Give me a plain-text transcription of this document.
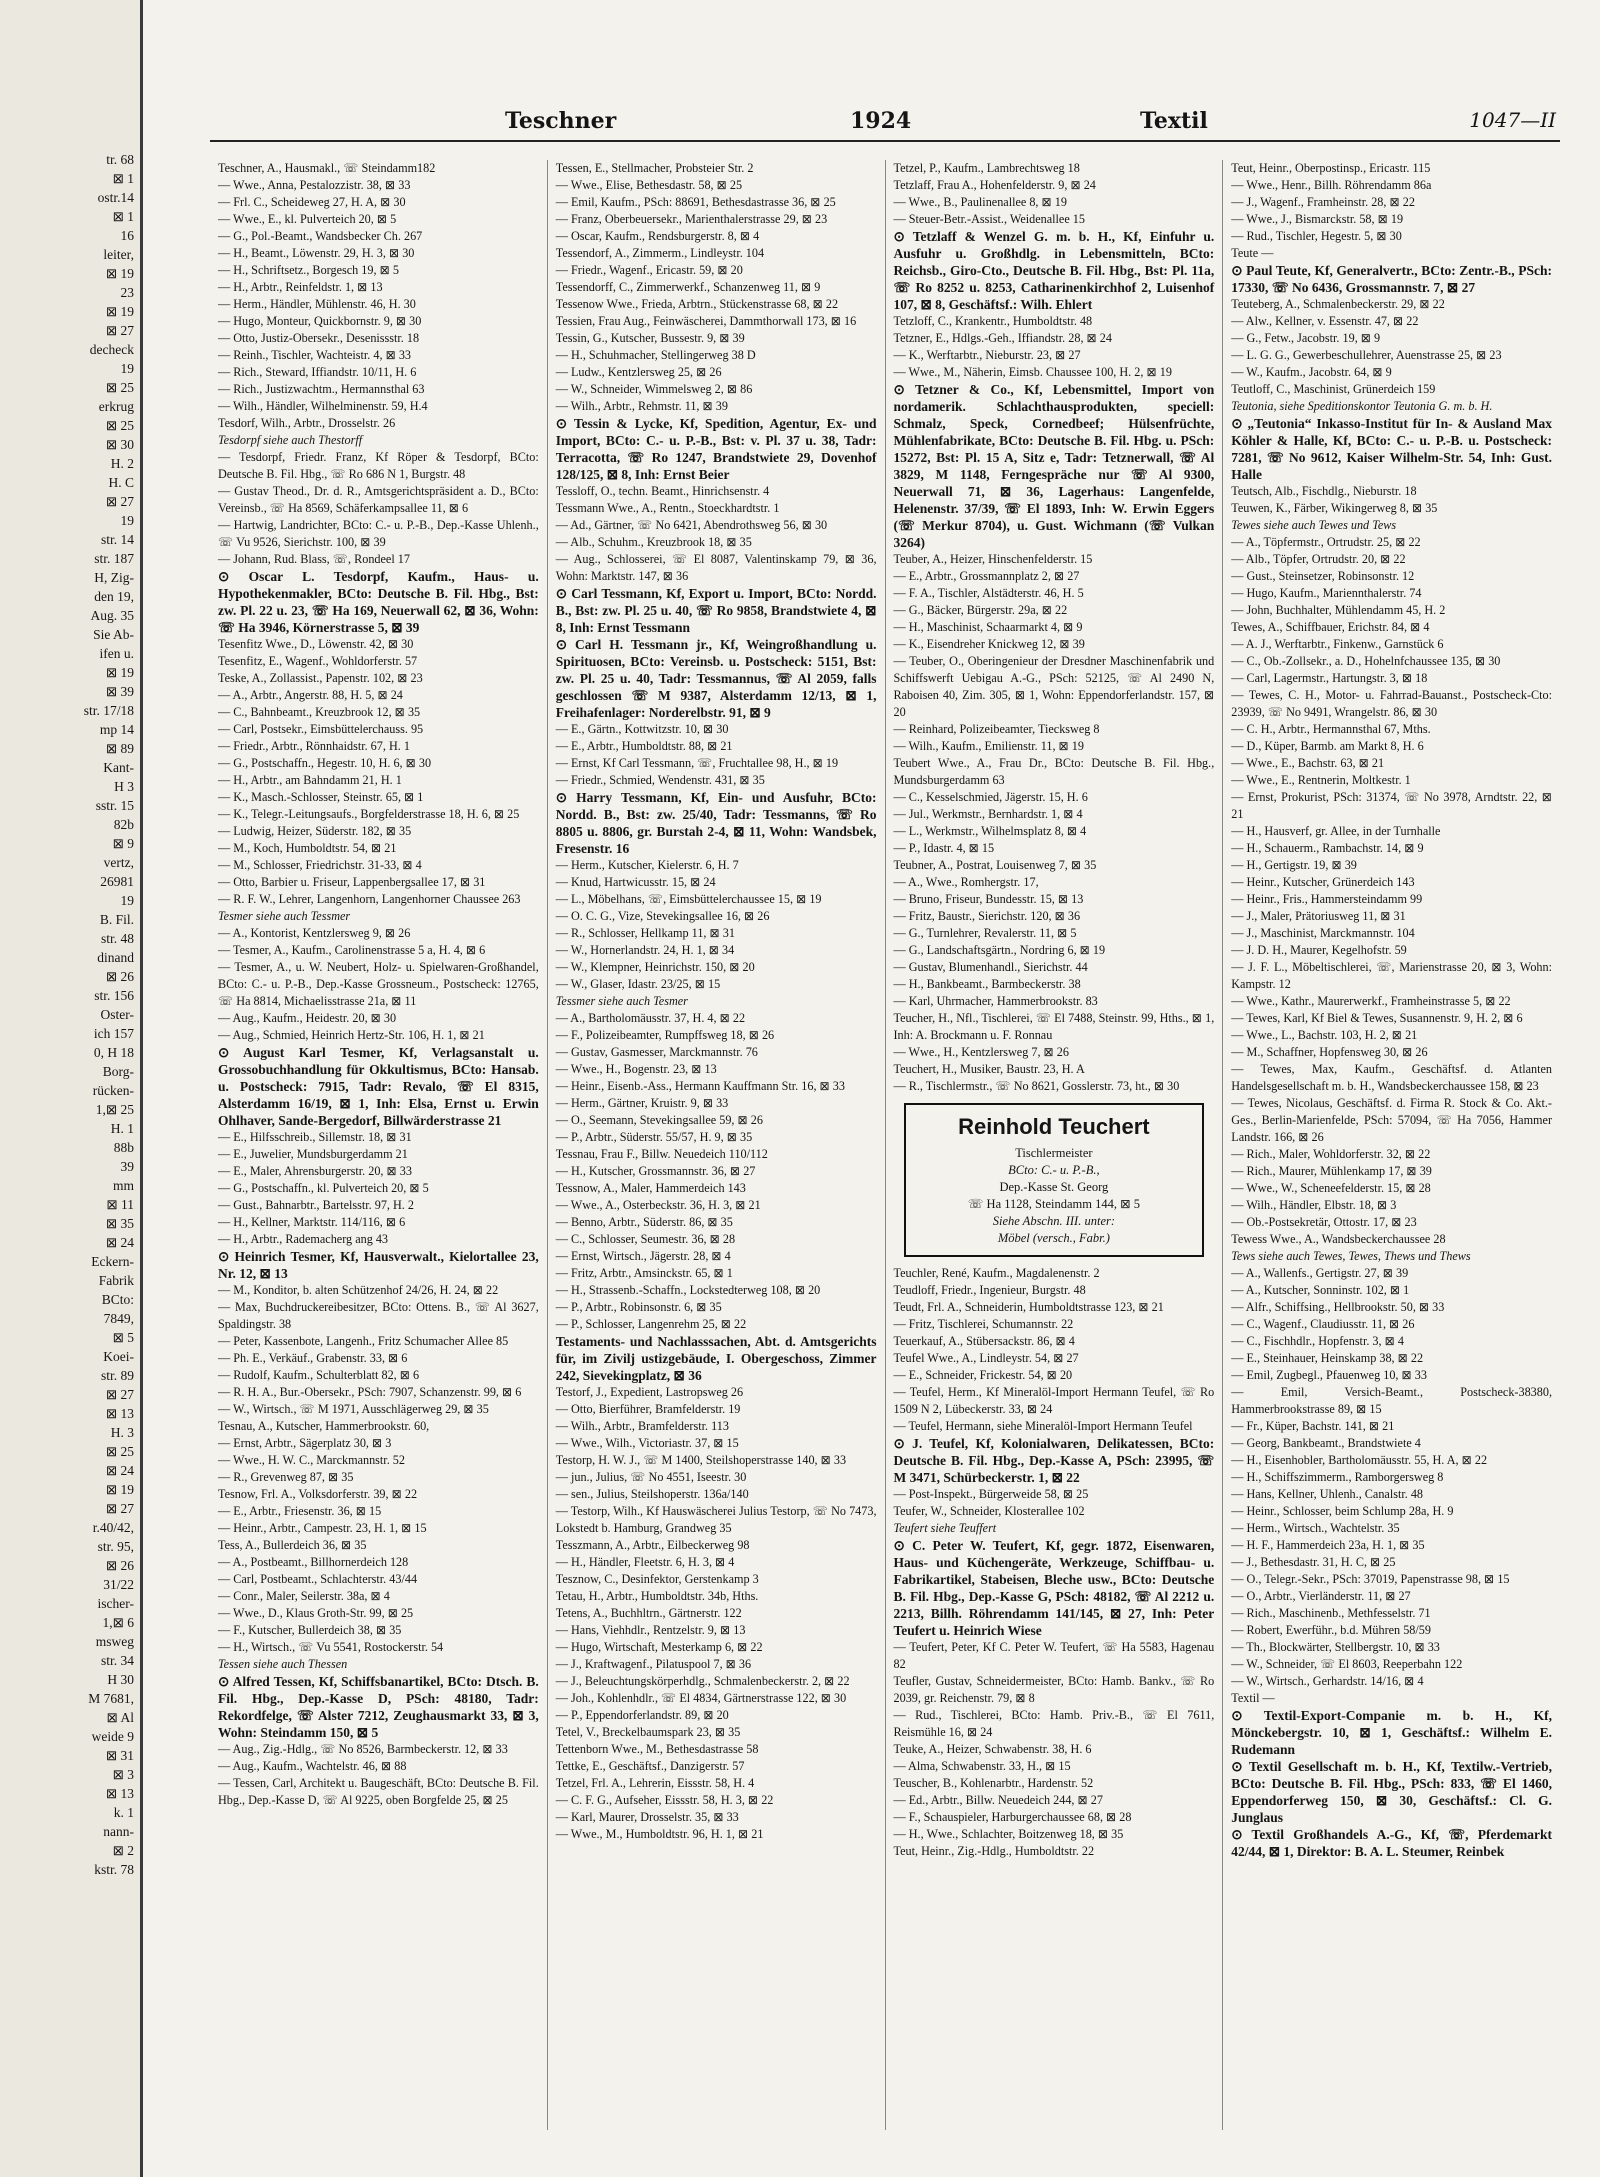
tr. 68
⊠ 1
ostr.14
⊠ 1
16
leiter,
⊠ 19
23
⊠ 19
⊠ 27
decheck
19
⊠ 25
erkrug
⊠ 25
⊠ 30
H. 2
H. C
⊠ 27
19
str. 14
str. 187
H, Zig-
den 19,
Aug. 35
Sie Ab-
ifen u.
⊠ 19
⊠ 39
str. 17/18
mp 14
⊠ 89
Kant-
H 3
sstr. 15
82b
⊠ 9
vertz,
26981
19
B. Fil.
str. 48
dinand
⊠ 26
str. 156
Oster-
ich 157
0, H 18
Borg-
rücken-
1,⊠ 25
H. 1
88b
39
mm
⊠ 11
⊠ 35
⊠ 24
Eckern-
Fabrik
BCto:
7849,
⊠ 5
Koei-
str. 89
⊠ 27
⊠ 13
H. 3
⊠ 25
⊠ 24
⊠ 19
⊠ 27
r.40/42,
str. 95,
⊠ 26
31/22
ischer-
1,⊠ 6
msweg
str. 34
H 30
M 7681,
⊠ Al
weide 9
⊠ 31
⊠ 3
⊠ 13
k. 1
nann-
⊠ 2
kstr. 78
Teschner	1924	Textil	1047—II

Teschner, A., Hausmakl., ☏ Steindamm182

— Wwe., Anna, Pestalozzistr. 38, ⊠ 33

— Frl. C., Scheideweg 27, H. A, ⊠ 30

— Wwe., E., kl. Pulverteich 20, ⊠ 5

— G., Pol.-Beamt., Wandsbecker Ch. 267

— H., Beamt., Löwenstr. 29, H. 3, ⊠ 30

— H., Schriftsetz., Borgesch 19, ⊠ 5

— H., Arbtr., Reinfeldstr. 1, ⊠ 13

— Herm., Händler, Mühlenstr. 46, H. 30

— Hugo, Monteur, Quickbornstr. 9, ⊠ 30

— Otto, Justiz-Obersekr., Desenissstr. 18

— Reinh., Tischler, Wachteistr. 4, ⊠ 33

— Rich., Steward, Iffiandstr. 10/11, H. 6

— Rich., Justizwachtm., Hermannsthal 63

— Wilh., Händler, Wilhelminenstr. 59, H.4

Tesdorf, Wilh., Arbtr., Drosselstr. 26

Tesdorpf siehe auch Thestorff

— Tesdorpf, Friedr. Franz, Kf Röper & Tesdorpf, BCto: Deutsche B. Fil. Hbg., ☏ Ro 686 N 1, Burgstr. 48

— Gustav Theod., Dr. d. R., Amtsgerichtspräsident a. D., BCto: Vereinsb., ☏ Ha 8569, Schäferkampsallee 11, ⊠ 6

— Hartwig, Landrichter, BCto: C.- u. P.-B., Dep.-Kasse Uhlenh., ☏ Vu 9526, Sierichstr. 100, ⊠ 39

— Johann, Rud. Blass, ☏, Rondeel 17

⊙ Oscar L. Tesdorpf, Kaufm., Haus- u. Hypothekenmakler, BCto: Deutsche B. Fil. Hbg., Bst: zw. Pl. 22 u. 23, ☏ Ha 169, Neuerwall 62, ⊠ 36, Wohn: ☏ Ha 3946, Körnerstrasse 5, ⊠ 39

Tesenfitz Wwe., D., Löwenstr. 42, ⊠ 30

Tesenfitz, E., Wagenf., Wohldorferstr. 57

Teske, A., Zollassist., Papenstr. 102, ⊠ 23

— A., Arbtr., Angerstr. 88, H. 5, ⊠ 24

— C., Bahnbeamt., Kreuzbrook 12, ⊠ 35

— Carl, Postsekr., Eimsbüttelerchauss. 95

— Friedr., Arbtr., Rönnhaidstr. 67, H. 1

— G., Postschaffn., Hegestr. 10, H. 6, ⊠ 30

— H., Arbtr., am Bahndamm 21, H. 1

— K., Masch.-Schlosser, Steinstr. 65, ⊠ 1

— K., Telegr.-Leitungsaufs., Borgfelderstrasse 18, H. 6, ⊠ 25

— Ludwig, Heizer, Süderstr. 182, ⊠ 35

— M., Koch, Humboldtstr. 54, ⊠ 21

— M., Schlosser, Friedrichstr. 31-33, ⊠ 4

— Otto, Barbier u. Friseur, Lappenbergsallee 17, ⊠ 31

— R. F. W., Lehrer, Langenhorn, Langenhorner Chaussee 263

Tesmer siehe auch Tessmer

— A., Kontorist, Kentzlersweg 9, ⊠ 26

— Tesmer, A., Kaufm., Carolinenstrasse 5 a, H. 4, ⊠ 6

— Tesmer, A., u. W. Neubert, Holz- u. Spielwaren-Großhandel, BCto: C.- u. P.-B., Dep.-Kasse Grossneum., Postscheck: 12765, ☏ Ha 8814, Michaelisstrasse 21a, ⊠ 11

— Aug., Kaufm., Heidestr. 20, ⊠ 30

— Aug., Schmied, Heinrich Hertz-Str. 106, H. 1, ⊠ 21

⊙ August Karl Tesmer, Kf, Verlagsanstalt u. Grossobuchhandlung für Okkultismus, BCto: Hansab. u. Postscheck: 7915, Tadr: Revalo, ☏ El 8315, Alsterdamm 16/19, ⊠ 1, Inh: Elsa, Ernst u. Erwin Ohlhaver, Sande-Bergedorf, Billwärderstrasse 21

— E., Hilfsschreib., Sillemstr. 18, ⊠ 31

— E., Juwelier, Mundsburgerdamm 21

— E., Maler, Ahrensburgerstr. 20, ⊠ 33

— G., Postschaffn., kl. Pulverteich 20, ⊠ 5

— Gust., Bahnarbtr., Bartelsstr. 97, H. 2

— H., Kellner, Marktstr. 114/116, ⊠ 6

— H., Arbtr., Rademacherg ang 43

⊙ Heinrich Tesmer, Kf, Hausverwalt., Kielortallee 23, Nr. 12, ⊠ 13

— M., Konditor, b. alten Schützenhof 24/26, H. 24, ⊠ 22

— Max, Buchdruckereibesitzer, BCto: Ottens. B., ☏ Al 3627, Spaldingstr. 38

— Peter, Kassenbote, Langenh., Fritz Schumacher Allee 85

— Ph. E., Verkäuf., Grabenstr. 33, ⊠ 6

— Rudolf, Kaufm., Schulterblatt 82, ⊠ 6

— R. H. A., Bur.-Obersekr., PSch: 7907, Schanzenstr. 99, ⊠ 6

— W., Wirtsch., ☏ M 1971, Ausschlägerweg 29, ⊠ 35

Tesnau, A., Kutscher, Hammerbrookstr. 60,

— Ernst, Arbtr., Sägerplatz 30, ⊠ 3

— Wwe., H. W. C., Marckmannstr. 52

— R., Grevenweg 87, ⊠ 35

Tesnow, Frl. A., Volksdorferstr. 39, ⊠ 22

— E., Arbtr., Friesenstr. 36, ⊠ 15

— Heinr., Arbtr., Campestr. 23, H. 1, ⊠ 15

Tess, A., Bullerdeich 36, ⊠ 35

— A., Postbeamt., Billhornerdeich 128

— Carl, Postbeamt., Schlachterstr. 43/44

— Conr., Maler, Seilerstr. 38a, ⊠ 4

— Wwe., D., Klaus Groth-Str. 99, ⊠ 25

— F., Kutscher, Bullerdeich 38, ⊠ 35

— H., Wirtsch., ☏ Vu 5541, Rostockerstr. 54

Tessen siehe auch Thessen

⊙ Alfred Tessen, Kf, Schiffsbanartikel, BCto: Dtsch. B. Fil. Hbg., Dep.-Kasse D, PSch: 48180, Tadr: Rekordfelge, ☏ Alster 7212, Zeughausmarkt 33, ⊠ 3, Wohn: Steindamm 150, ⊠ 5

— Aug., Zig.-Hdlg., ☏ No 8526, Barmbeckerstr. 12, ⊠ 33

— Aug., Kaufm., Wachtelstr. 46, ⊠ 88

— Tessen, Carl, Architekt u. Baugeschäft, BCto: Deutsche B. Fil. Hbg., Dep.-Kasse D, ☏ Al 9225, oben Borgfelde 25, ⊠ 25

Tessen, E., Stellmacher, Probsteier Str. 2

— Wwe., Elise, Bethesdastr. 58, ⊠ 25

— Emil, Kaufm., PSch: 88691, Bethesdastrasse 36, ⊠ 25

— Franz, Oberbeuersekr., Marienthalerstrasse 29, ⊠ 23

— Oscar, Kaufm., Rendsburgerstr. 8, ⊠ 4

Tessendorf, A., Zimmerm., Lindleystr. 104

— Friedr., Wagenf., Ericastr. 59, ⊠ 20

Tessendorff, C., Zimmerwerkf., Schanzenweg 11, ⊠ 9

Tessenow Wwe., Frieda, Arbtrn., Stückenstrasse 68, ⊠ 22

Tessien, Frau Aug., Feinwäscherei, Dammthorwall 173, ⊠ 16

Tessin, G., Kutscher, Bussestr. 9, ⊠ 39

— H., Schuhmacher, Stellingerweg 38 D

— Ludw., Kentzlersweg 25, ⊠ 26

— W., Schneider, Wimmelsweg 2, ⊠ 86

— Wilh., Arbtr., Rehmstr. 11, ⊠ 39

⊙ Tessin & Lycke, Kf, Spedition, Agentur, Ex- und Import, BCto: C.- u. P.-B., Bst: v. Pl. 37 u. 38, Tadr: Terracotta, ☏ Ro 1247, Brandstwiete 29, Dovenhof 128/125, ⊠ 8, Inh: Ernst Beier

Tessloff, O., techn. Beamt., Hinrichsenstr. 4

Tessmann Wwe., A., Rentn., Stoeckhardtstr. 1

— Ad., Gärtner, ☏ No 6421, Abendrothsweg 56, ⊠ 30

— Alb., Schuhm., Kreuzbrook 18, ⊠ 35

— Aug., Schlosserei, ☏ El 8087, Valentinskamp 79, ⊠ 36, Wohn: Marktstr. 147, ⊠ 36

⊙ Carl Tessmann, Kf, Export u. Import, BCto: Nordd. B., Bst: zw. Pl. 25 u. 40, ☏ Ro 9858, Brandstwiete 4, ⊠ 8, Inh: Ernst Tessmann

⊙ Carl H. Tessmann jr., Kf, Weingroßhandlung u. Spirituosen, BCto: Vereinsb. u. Postscheck: 5151, Bst: zw. Pl. 25 u. 40, Tadr: Tessmannus, ☏ Al 2059, falls geschlossen ☏ M 9387, Alsterdamm 12/13, ⊠ 1, Freihafenlager: Norderelbstr. 91, ⊠ 9

— E., Gärtn., Kottwitzstr. 10, ⊠ 30

— E., Arbtr., Humboldtstr. 88, ⊠ 21

— Ernst, Kf Carl Tessmann, ☏, Fruchtallee 98, H., ⊠ 19

— Friedr., Schmied, Wendenstr. 431, ⊠ 35

⊙ Harry Tessmann, Kf, Ein- und Ausfuhr, BCto: Nordd. B., Bst: zw. 25/40, Tadr: Tessmanns, ☏ Ro 8805 u. 8806, gr. Burstah 2-4, ⊠ 11, Wohn: Wandsbek, Fresenstr. 16

— Herm., Kutscher, Kielerstr. 6, H. 7

— Knud, Hartwicusstr. 15, ⊠ 24

— L., Möbelhans, ☏, Eimsbüttelerchaussee 15, ⊠ 19

— O. C. G., Vize, Stevekingsallee 16, ⊠ 26

— R., Schlosser, Hellkamp 11, ⊠ 31

— W., Hornerlandstr. 24, H. 1, ⊠ 34

— W., Klempner, Heinrichstr. 150, ⊠ 20

— W., Glaser, Idastr. 23/25, ⊠ 15

Tessmer siehe auch Tesmer

— A., Bartholomäusstr. 37, H. 4, ⊠ 22

— F., Polizeibeamter, Rumpffsweg 18, ⊠ 26

— Gustav, Gasmesser, Marckmannstr. 76

— Wwe., H., Bogenstr. 23, ⊠ 13

— Heinr., Eisenb.-Ass., Hermann Kauffmann Str. 16, ⊠ 33

— Herm., Gärtner, Kruistr. 9, ⊠ 33

— O., Seemann, Stevekingsallee 59, ⊠ 26

— P., Arbtr., Süderstr. 55/57, H. 9, ⊠ 35

Tessnau, Frau F., Billw. Neuedeich 110/112

— H., Kutscher, Grossmannstr. 36, ⊠ 27

Tessnow, A., Maler, Hammerdeich 143

— Wwe., A., Osterbeckstr. 36, H. 3, ⊠ 21

— Benno, Arbtr., Süderstr. 86, ⊠ 35

— C., Schlosser, Seumestr. 36, ⊠ 28

— Ernst, Wirtsch., Jägerstr. 28, ⊠ 4

— Fritz, Arbtr., Amsinckstr. 65, ⊠ 1

— H., Strassenb.-Schaffn., Lockstedterweg 108, ⊠ 20

— P., Arbtr., Robinsonstr. 6, ⊠ 35

— P., Schlosser, Langenrehm 25, ⊠ 22

Testaments- und Nachlasssachen, Abt. d. Amtsgerichts für, im Zivilj ustizgebäude, I. Obergeschoss, Zimmer 242, Sievekingplatz, ⊠ 36

Testorf, J., Expedient, Lastropsweg 26

— Otto, Bierführer, Bramfelderstr. 19

— Wilh., Arbtr., Bramfelderstr. 113

— Wwe., Wilh., Victoriastr. 37, ⊠ 15

Testorp, H. W. J., ☏ M 1400, Steilshoperstrasse 140, ⊠ 33

— jun., Julius, ☏ No 4551, Iseestr. 30

— sen., Julius, Steilshoperstr. 136a/140

— Testorp, Wilh., Kf Hauswäscherei Julius Testorp, ☏ No 7473, Lokstedt b. Hamburg, Grandweg 35

Tesszmann, A., Arbtr., Eilbeckerweg 98

— H., Händler, Fleetstr. 6, H. 3, ⊠ 4

Tesznow, C., Desinfektor, Gerstenkamp 3

Tetau, H., Arbtr., Humboldtstr. 34b, Hths.

Tetens, A., Buchhltrn., Gärtnerstr. 122

— Hans, Viehhdlr., Rentzelstr. 9, ⊠ 13

— Hugo, Wirtschaft, Mesterkamp 6, ⊠ 22

— J., Kraftwagenf., Pilatuspool 7, ⊠ 36

— J., Beleuchtungskörperhdlg., Schmalenbeckerstr. 2, ⊠ 22

— Joh., Kohlenhdlr., ☏ El 4834, Gärtnerstrasse 122, ⊠ 30

— P., Eppendorferlandstr. 89, ⊠ 20

Tetel, V., Breckelbaumspark 23, ⊠ 35

Tettenborn Wwe., M., Bethesdastrasse 58

Tettke, E., Geschäftsf., Danzigerstr. 57

Tetzel, Frl. A., Lehrerin, Eissstr. 58, H. 4

— C. F. G., Aufseher, Eissstr. 58, H. 3, ⊠ 22

— Karl, Maurer, Drosselstr. 35, ⊠ 33

— Wwe., M., Humboldtstr. 96, H. 1, ⊠ 21

Tetzel, P., Kaufm., Lambrechtsweg 18

Tetzlaff, Frau A., Hohenfelderstr. 9, ⊠ 24

— Wwe., B., Paulinenallee 8, ⊠ 19

— Steuer-Betr.-Assist., Weidenallee 15

⊙ Tetzlaff & Wenzel G. m. b. H., Kf, Einfuhr u. Ausfuhr u. Großhdlg. in Lebensmitteln, BCto: Reichsb., Giro-Cto., Deutsche B. Fil. Hbg., Bst: Pl. 11a, ☏ Ro 8252 u. 8253, Catharinenkirchhof 2, Luisenhof 107, ⊠ 8, Geschäftsf.: Wilh. Ehlert

Tetzloff, C., Krankentr., Humboldtstr. 48

Tetzner, E., Hdlgs.-Geh., Iffiandstr. 28, ⊠ 24

— K., Werftarbtr., Nieburstr. 23, ⊠ 27

— Wwe., M., Näherin, Eimsb. Chaussee 100, H. 2, ⊠ 19

⊙ Tetzner & Co., Kf, Lebensmittel, Import von nordamerik. Schlachthausprodukten, speciell: Schmalz, Speck, Cornedbeef; Hülsenfrüchte, Mühlenfabrikate, BCto: Deutsche B. Fil. Hbg. u. PSch: 15272, Bst: Pl. 15 A, Sitz e, Tadr: Tetznerwall, ☏ Al 3829, M 1148, Ferngespräche nur ☏ Al 9300, Neuerwall 71, ⊠ 36, Lagerhaus: Langenfelde, Helenenstr. 37/39, ☏ El 1893, Inh: W. Erwin Eggers (☏ Merkur 8704), u. Gust. Wichmann (☏ Vulkan 3264)

Teuber, A., Heizer, Hinschenfelderstr. 15

— E., Arbtr., Grossmannplatz 2, ⊠ 27

— F. A., Tischler, Alstädterstr. 46, H. 5

— G., Bäcker, Bürgerstr. 29a, ⊠ 22

— H., Maschinist, Schaarmarkt 4, ⊠ 9

— K., Eisendreher Knickweg 12, ⊠ 39

— Teuber, O., Oberingenieur der Dresdner Maschinenfabrik und Schiffswerft Uebigau A.-G., PSch: 52125, ☏ Al 2490 N, Raboisen 40, Zim. 305, ⊠ 1, Wohn: Eppendorferlandstr. 157, ⊠ 20

— Reinhard, Polizeibeamter, Tiecksweg 8

— Wilh., Kaufm., Emilienstr. 11, ⊠ 19

Teubert Wwe., A., Frau Dr., BCto: Deutsche B. Fil. Hbg., Mundsburgerdamm 63

— C., Kesselschmied, Jägerstr. 15, H. 6

— Jul., Werkmstr., Bernhardstr. 1, ⊠ 4

— L., Werkmstr., Wilhelmsplatz 8, ⊠ 4

— P., Idastr. 4, ⊠ 15

Teubner, A., Postrat, Louisenweg 7, ⊠ 35

— A., Wwe., Romhergstr. 17,

— Bruno, Friseur, Bundesstr. 15, ⊠ 13

— Fritz, Baustr., Sierichstr. 120, ⊠ 36

— G., Turnlehrer, Revalerstr. 11, ⊠ 5

— G., Landschaftsgärtn., Nordring 6, ⊠ 19

— Gustav, Blumenhandl., Sierichstr. 44

— H., Bankbeamt., Barmbeckerstr. 38

— Karl, Uhrmacher, Hammerbrookstr. 83

Teucher, H., Nfl., Tischlerei, ☏ El 7488, Steinstr. 99, Hths., ⊠ 1, Inh: A. Brockmann u. F. Ronnau

— Wwe., H., Kentzlersweg 7, ⊠ 26

Teuchert, H., Musiker, Baustr. 23, H. A

— R., Tischlermstr., ☏ No 8621, Gosslerstr. 73, ht., ⊠ 30

Reinhold Teuchert
Tischlermeister
BCto: C.- u. P.-B.,
Dep.-Kasse St. Georg
☏ Ha 1128, Steindamm 144, ⊠ 5
Siehe Abschn. III. unter:
Möbel (versch., Fabr.)

Teuchler, René, Kaufm., Magdalenenstr. 2

Teudloff, Friedr., Ingenieur, Burgstr. 48

Teudt, Frl. A., Schneiderin, Humboldtstrasse 123, ⊠ 21

— Fritz, Tischlerei, Schumannstr. 22

Teuerkauf, A., Stübersackstr. 86, ⊠ 4

Teufel Wwe., A., Lindleystr. 54, ⊠ 27

— E., Schneider, Frickestr. 54, ⊠ 20

— Teufel, Herm., Kf Mineralöl-Import Hermann Teufel, ☏ Ro 1509 N 2, Lübeckerstr. 33, ⊠ 24

— Teufel, Hermann, siehe Mineralöl-Import Hermann Teufel

⊙ J. Teufel, Kf, Kolonialwaren, Delikatessen, BCto: Deutsche B. Fil. Hbg., Dep.-Kasse A, PSch: 23995, ☏ M 3471, Schürbeckerstr. 1, ⊠ 22

— Post-Inspekt., Bürgerweide 58, ⊠ 25

Teufer, W., Schneider, Klosterallee 102

Teufert siehe Teuffert

⊙ C. Peter W. Teufert, Kf, gegr. 1872, Eisenwaren, Haus- und Küchengeräte, Werkzeuge, Schiffbau- u. Fabrikartikel, Stabeisen, Bleche usw., BCto: Deutsche B. Fil. Hbg., Dep.-Kasse G, PSch: 48182, ☏ Al 2212 u. 2213, Billh. Röhrendamm 141/145, ⊠ 27, Inh: Peter Teufert u. Heinrich Wiese

— Teufert, Peter, Kf C. Peter W. Teufert, ☏ Ha 5583, Hagenau 82

Teufler, Gustav, Schneidermeister, BCto: Hamb. Bankv., ☏ Ro 2039, gr. Reichenstr. 79, ⊠ 8

— Rud., Tischlerei, BCto: Hamb. Priv.-B., ☏ El 7611, Reismühle 16, ⊠ 24

Teuke, A., Heizer, Schwabenstr. 38, H. 6

— Alma, Schwabenstr. 33, H., ⊠ 15

Teuscher, B., Kohlenarbtr., Hardenstr. 52

— Ed., Arbtr., Billw. Neuedeich 244, ⊠ 27

— F., Schauspieler, Harburgerchaussee 68, ⊠ 28

— H., Wwe., Schlachter, Boitzenweg 18, ⊠ 35

Teut, Heinr., Zig.-Hdlg., Humboldtstr. 22

Teut, Heinr., Oberpostinsp., Ericastr. 115

— Wwe., Henr., Billh. Röhrendamm 86a

— J., Wagenf., Framheinstr. 28, ⊠ 22

— Wwe., J., Bismarckstr. 58, ⊠ 19

— Rud., Tischler, Hegestr. 5, ⊠ 30

Teute —

⊙ Paul Teute, Kf, Generalvertr., BCto: Zentr.-B., PSch: 17330, ☏ No 6436, Grossmannstr. 7, ⊠ 27

Teuteberg, A., Schmalenbeckerstr. 29, ⊠ 22

— Alw., Kellner, v. Essenstr. 47, ⊠ 22

— G., Fetw., Jacobstr. 19, ⊠ 9

— L. G. G., Gewerbeschullehrer, Auenstrasse 25, ⊠ 23

— W., Kaufm., Jacobstr. 64, ⊠ 9

Teutloff, C., Maschinist, Grünerdeich 159

Teutonia, siehe Speditionskontor Teutonia G. m. b. H.

⊙ „Teutonia“ Inkasso-Institut für In- & Ausland Max Köhler & Halle, Kf, BCto: C.- u. P.-B. u. Postscheck: 7281, ☏ No 9612, Kaiser Wilhelm-Str. 54, Inh: Gust. Halle

Teutsch, Alb., Fischdlg., Nieburstr. 18

Teuwen, K., Färber, Wikingerweg 8, ⊠ 35

Tewes siehe auch Tewes und Tews

— A., Töpfermstr., Ortrudstr. 25, ⊠ 22

— Alb., Töpfer, Ortrudstr. 20, ⊠ 22

— Gust., Steinsetzer, Robinsonstr. 12

— Hugo, Kaufm., Mariennthalerstr. 74

— John, Buchhalter, Mühlendamm 45, H. 2

Tewes, A., Schiffbauer, Erichstr. 84, ⊠ 4

— A. J., Werftarbtr., Finkenw., Garnstück 6

— C., Ob.-Zollsekr., a. D., Hohelnfchaussee 135, ⊠ 30

— Carl, Lagermstr., Hartungstr. 3, ⊠ 18

— Tewes, C. H., Motor- u. Fahrrad-Bauanst., Postscheck-Cto: 23939, ☏ No 9491, Wrangelstr. 86, ⊠ 30

— C. H., Arbtr., Hermannsthal 67, Mths.

— D., Küper, Barmb. am Markt 8, H. 6

— Wwe., E., Bachstr. 63, ⊠ 21

— Wwe., E., Rentnerin, Moltkestr. 1

— Ernst, Prokurist, PSch: 31374, ☏ No 3978, Arndtstr. 22, ⊠ 21

— H., Hausverf, gr. Allee, in der Turnhalle

— H., Schauerm., Rambachstr. 14, ⊠ 9

— H., Gertigstr. 19, ⊠ 39

— Heinr., Kutscher, Grünerdeich 143

— Heinr., Fris., Hammersteindamm 99

— J., Maler, Prätoriusweg 11, ⊠ 31

— J., Maschinist, Marckmannstr. 104

— J. D. H., Maurer, Kegelhofstr. 59

— J. F. L., Möbeltischlerei, ☏, Marienstrasse 20, ⊠ 3, Wohn: Kampstr. 12

— Wwe., Kathr., Maurerwerkf., Framheinstrasse 5, ⊠ 22

— Tewes, Karl, Kf Biel & Tewes, Susannenstr. 9, H. 2, ⊠ 6

— Wwe., L., Bachstr. 103, H. 2, ⊠ 21

— M., Schaffner, Hopfensweg 30, ⊠ 26

— Tewes, Max, Kaufm., Geschäftsf. d. Atlanten Handelsgesellschaft m. b. H., Wandsbeckerchaussee 158, ⊠ 23

— Tewes, Nicolaus, Geschäftsf. d. Firma R. Stock & Co. Akt.-Ges., Berlin-Marienfelde, PSch: 57094, ☏ Ha 7056, Hammer Landstr. 166, ⊠ 26

— Rich., Maler, Wohldorferstr. 32, ⊠ 22

— Rich., Maurer, Mühlenkamp 17, ⊠ 39

— Wwe., W., Scheneefelderstr. 15, ⊠ 28

— Wilh., Händler, Elbstr. 18, ⊠ 3

— Ob.-Postsekretär, Ottostr. 17, ⊠ 23

Tewess Wwe., A., Wandsbeckerchaussee 28

Tews siehe auch Tewes, Tewes, Thews und Thews

— A., Wallenfs., Gertigstr. 27, ⊠ 39

— A., Kutscher, Sonninstr. 102, ⊠ 1

— Alfr., Schiffsing., Hellbrookstr. 50, ⊠ 33

— C., Wagenf., Claudiusstr. 11, ⊠ 26

— C., Fischhdlr., Hopfenstr. 3, ⊠ 4

— E., Steinhauer, Heinskamp 38, ⊠ 22

— Emil, Zugbegl., Pfauenweg 10, ⊠ 33

— Emil, Versich-Beamt., Postscheck-38380, Hammerbrookstrasse 89, ⊠ 15

— Fr., Küper, Bachstr. 141, ⊠ 21

— Georg, Bankbeamt., Brandstwiete 4

— H., Eisenhobler, Bartholomäusstr. 55, H. A, ⊠ 22

— H., Schiffszimmerm., Ramborgersweg 8

— Hans, Kellner, Uhlenh., Canalstr. 48

— Heinr., Schlosser, beim Schlump 28a, H. 9

— Herm., Wirtsch., Wachtelstr. 35

— H. F., Hammerdeich 23a, H. 1, ⊠ 35

— J., Bethesdastr. 31, H. C, ⊠ 25

— O., Telegr.-Sekr., PSch: 37019, Papenstrasse 98, ⊠ 15

— O., Arbtr., Vierländerstr. 11, ⊠ 27

— Rich., Maschinenb., Methfesselstr. 71

— Robert, Ewerführ., b.d. Mühren 58/59

— Th., Blockwärter, Stellbergstr. 10, ⊠ 33

— W., Schneider, ☏ El 8603, Reeperbahn 122

— W., Wirtsch., Gerhardstr. 14/16, ⊠ 4

Textil —

⊙ Textil-Export-Companie m. b. H., Kf, Mönckebergstr. 10, ⊠ 1, Geschäftsf.: Wilhelm E. Rudemann

⊙ Textil Gesellschaft m. b. H., Kf, Textilw.-Vertrieb, BCto: Deutsche B. Fil. Hbg., PSch: 833, ☏ El 1460, Eppendorferweg 150, ⊠ 30, Geschäftsf.: Cl. G. Junglaus

⊙ Textil Großhandels A.-G., Kf, ☏, Pferdemarkt 42/44, ⊠ 1, Direktor: B. A. L. Steumer, Reinbek
